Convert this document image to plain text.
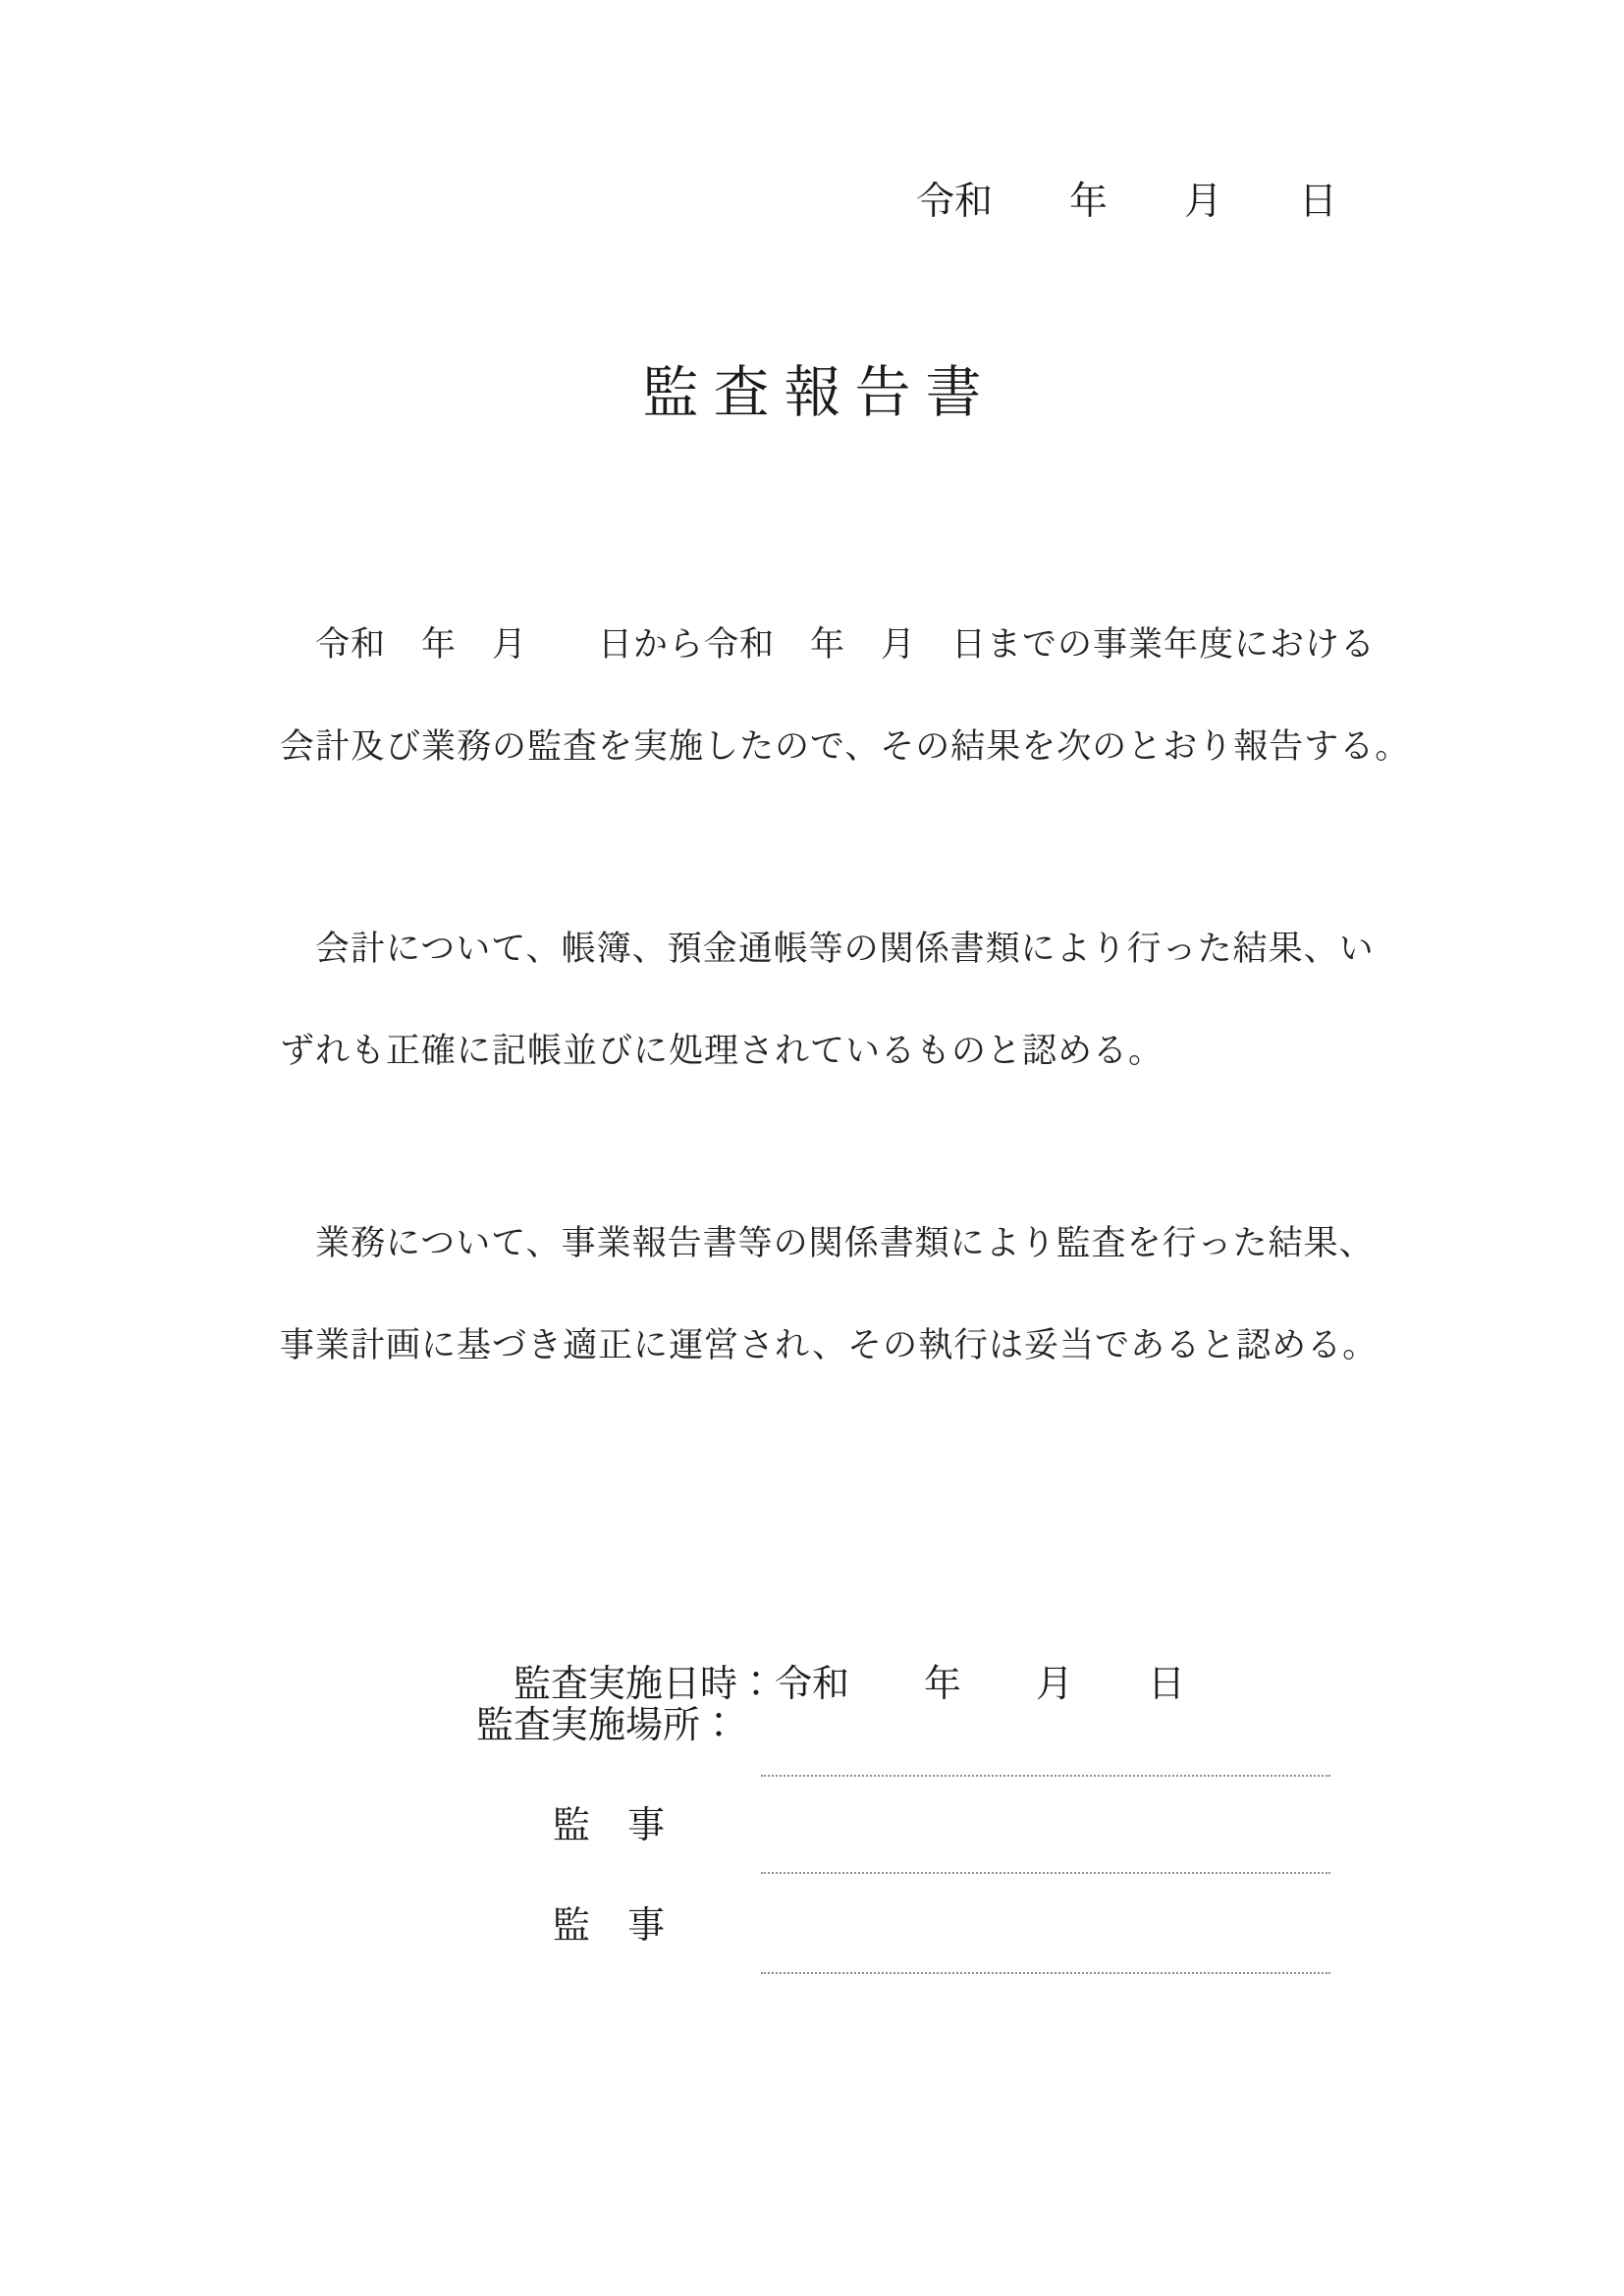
令和　　年　　月　　日
監査報告書
令和　年　月　　日から令和　年　月　日までの事業年度における
会計及び業務の監査を実施したので、その結果を次のとおり報告する。
会計について、帳簿、預金通帳等の関係書類により行った結果、い
ずれも正確に記帳並びに処理されているものと認める。
業務について、事業報告書等の関係書類により監査を行った結果、
事業計画に基づき適正に運営され、その執行は妥当であると認める。

監査実施日時：令和　　年　　月　　日

監査実施場所：
監　事
監　事
